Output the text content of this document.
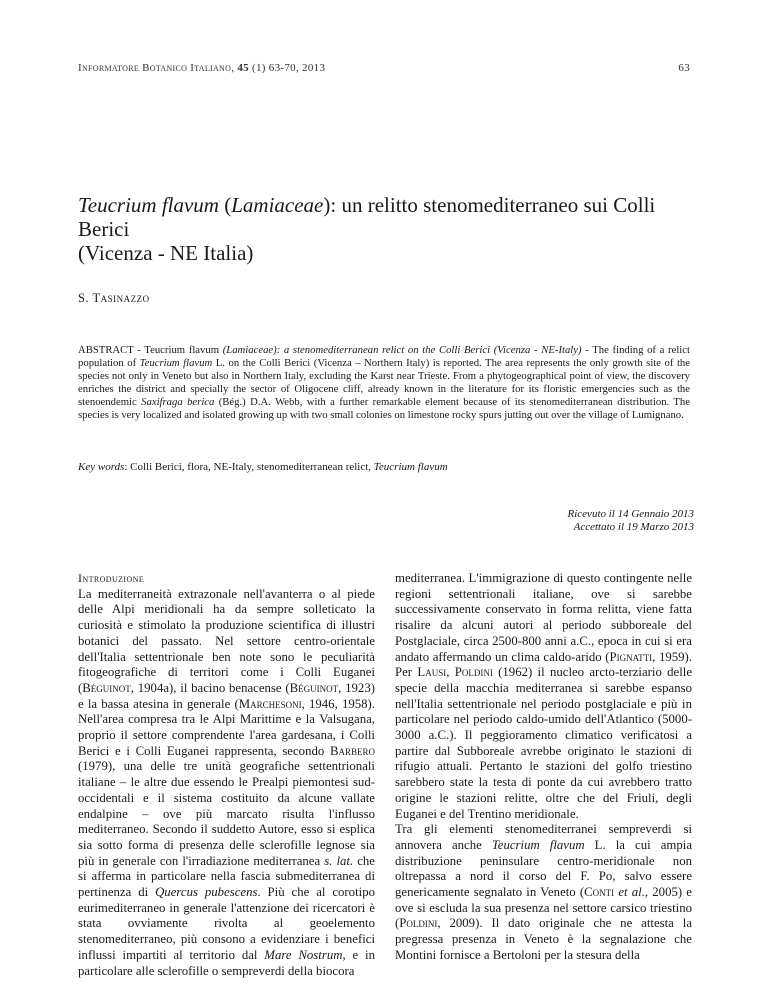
Informatore Botanico Italiano, 45 (1) 63-70, 2013	63
Teucrium flavum (Lamiaceae): un relitto stenomediterraneo sui Colli Berici
(Vicenza - NE Italia)
S. Tasinazzo
ABSTRACT - Teucrium flavum (Lamiaceae): a stenomediterranean relict on the Colli Berici (Vicenza - NE-Italy) - The finding of a relict population of Teucrium flavum L. on the Colli Berici (Vicenza – Northern Italy) is reported. The area represents the only growth site of the species not only in Veneto but also in Northern Italy, excluding the Karst near Trieste. From a phytogeographical point of view, the discovery enriches the district and specially the sector of Oligocene cliff, already known in the literature for its floristic emergencies such as the stenoendemic Saxifraga berica (Bég.) D.A. Webb, with a further remarkable element because of its stenomediterranean distribution. The species is very localized and isolated growing up with two small colonies on limestone rocky spurs jutting out over the village of Lumignano.
Key words: Colli Berici, flora, NE-Italy, stenomediterranean relict, Teucrium flavum
Ricevuto il 14 Gennaio 2013
Accettato il 19 Marzo 2013
Introduzione

La mediterraneità extrazonale nell'avanterra o al piede delle Alpi meridionali ha da sempre solleticato la curiosità e stimolato la produzione scientifica di illustri botanici del passato. Nel settore centro-orientale dell'Italia settentrionale ben note sono le peculiarità fitogeografiche di territori come i Colli Euganei (Béguinot, 1904a), il bacino benacense (Béguinot, 1923) e la bassa atesina in generale (Marchesoni, 1946, 1958). Nell'area compresa tra le Alpi Marittime e la Valsugana, proprio il settore comprendente l'area gardesana, i Colli Berici e i Colli Euganei rappresenta, secondo Barbero (1979), una delle tre unità geografiche settentrionali italiane – le altre due essendo le Prealpi piemontesi sud-occidentali e il sistema costituito da alcune vallate endalpine – ove più marcato risulta l'influsso mediterraneo. Secondo il suddetto Autore, esso si esplica sia sotto forma di presenza delle sclerofille legnose sia più in generale con l'irradiazione mediterranea s. lat. che si afferma in particolare nella fascia submediterranea di pertinenza di Quercus pubescens. Più che al corotipo eurimediterraneo in generale l'attenzione dei ricercatori è stata ovviamente rivolta al geoelemento stenomediterraneo, più consono a evidenziare i benefici influssi impartiti al territorio dal Mare Nostrum, e in particolare alle sclerofille o sempreverdi della biocora

mediterranea. L'immigrazione di questo contingente nelle regioni settentrionali italiane, ove si sarebbe successivamente conservato in forma relitta, viene fatta risalire da alcuni autori al periodo subboreale del Postglaciale, circa 2500-800 anni a.C., epoca in cui si era andato affermando un clima caldo-arido (Pignatti, 1959). Per Lausi, Poldini (1962) il nucleo arcto-terziario delle specie della macchia mediterranea si sarebbe espanso nell'Italia settentrionale nel periodo postglaciale e più in particolare nel periodo caldo-umido dell'Atlantico (5000-3000 a.C.). Il peggioramento climatico verificatosi a partire dal Subboreale avrebbe originato le stazioni di rifugio attuali. Pertanto le stazioni del golfo triestino sarebbero state la testa di ponte da cui avrebbero tratto origine le stazioni relitte, oltre che del Friuli, degli Euganei e del Trentino meridionale.

Tra gli elementi stenomediterranei sempreverdi si annovera anche Teucrium flavum L. la cui ampia distribuzione peninsulare centro-meridionale non oltrepassa a nord il corso del F. Po, salvo essere genericamente segnalato in Veneto (Conti et al., 2005) e ove si escluda la sua presenza nel settore carsico triestino (Poldini, 2009). Il dato originale che ne attesta la pregressa presenza in Veneto è la segnalazione che Montini fornisce a Bertoloni per la stesura della
